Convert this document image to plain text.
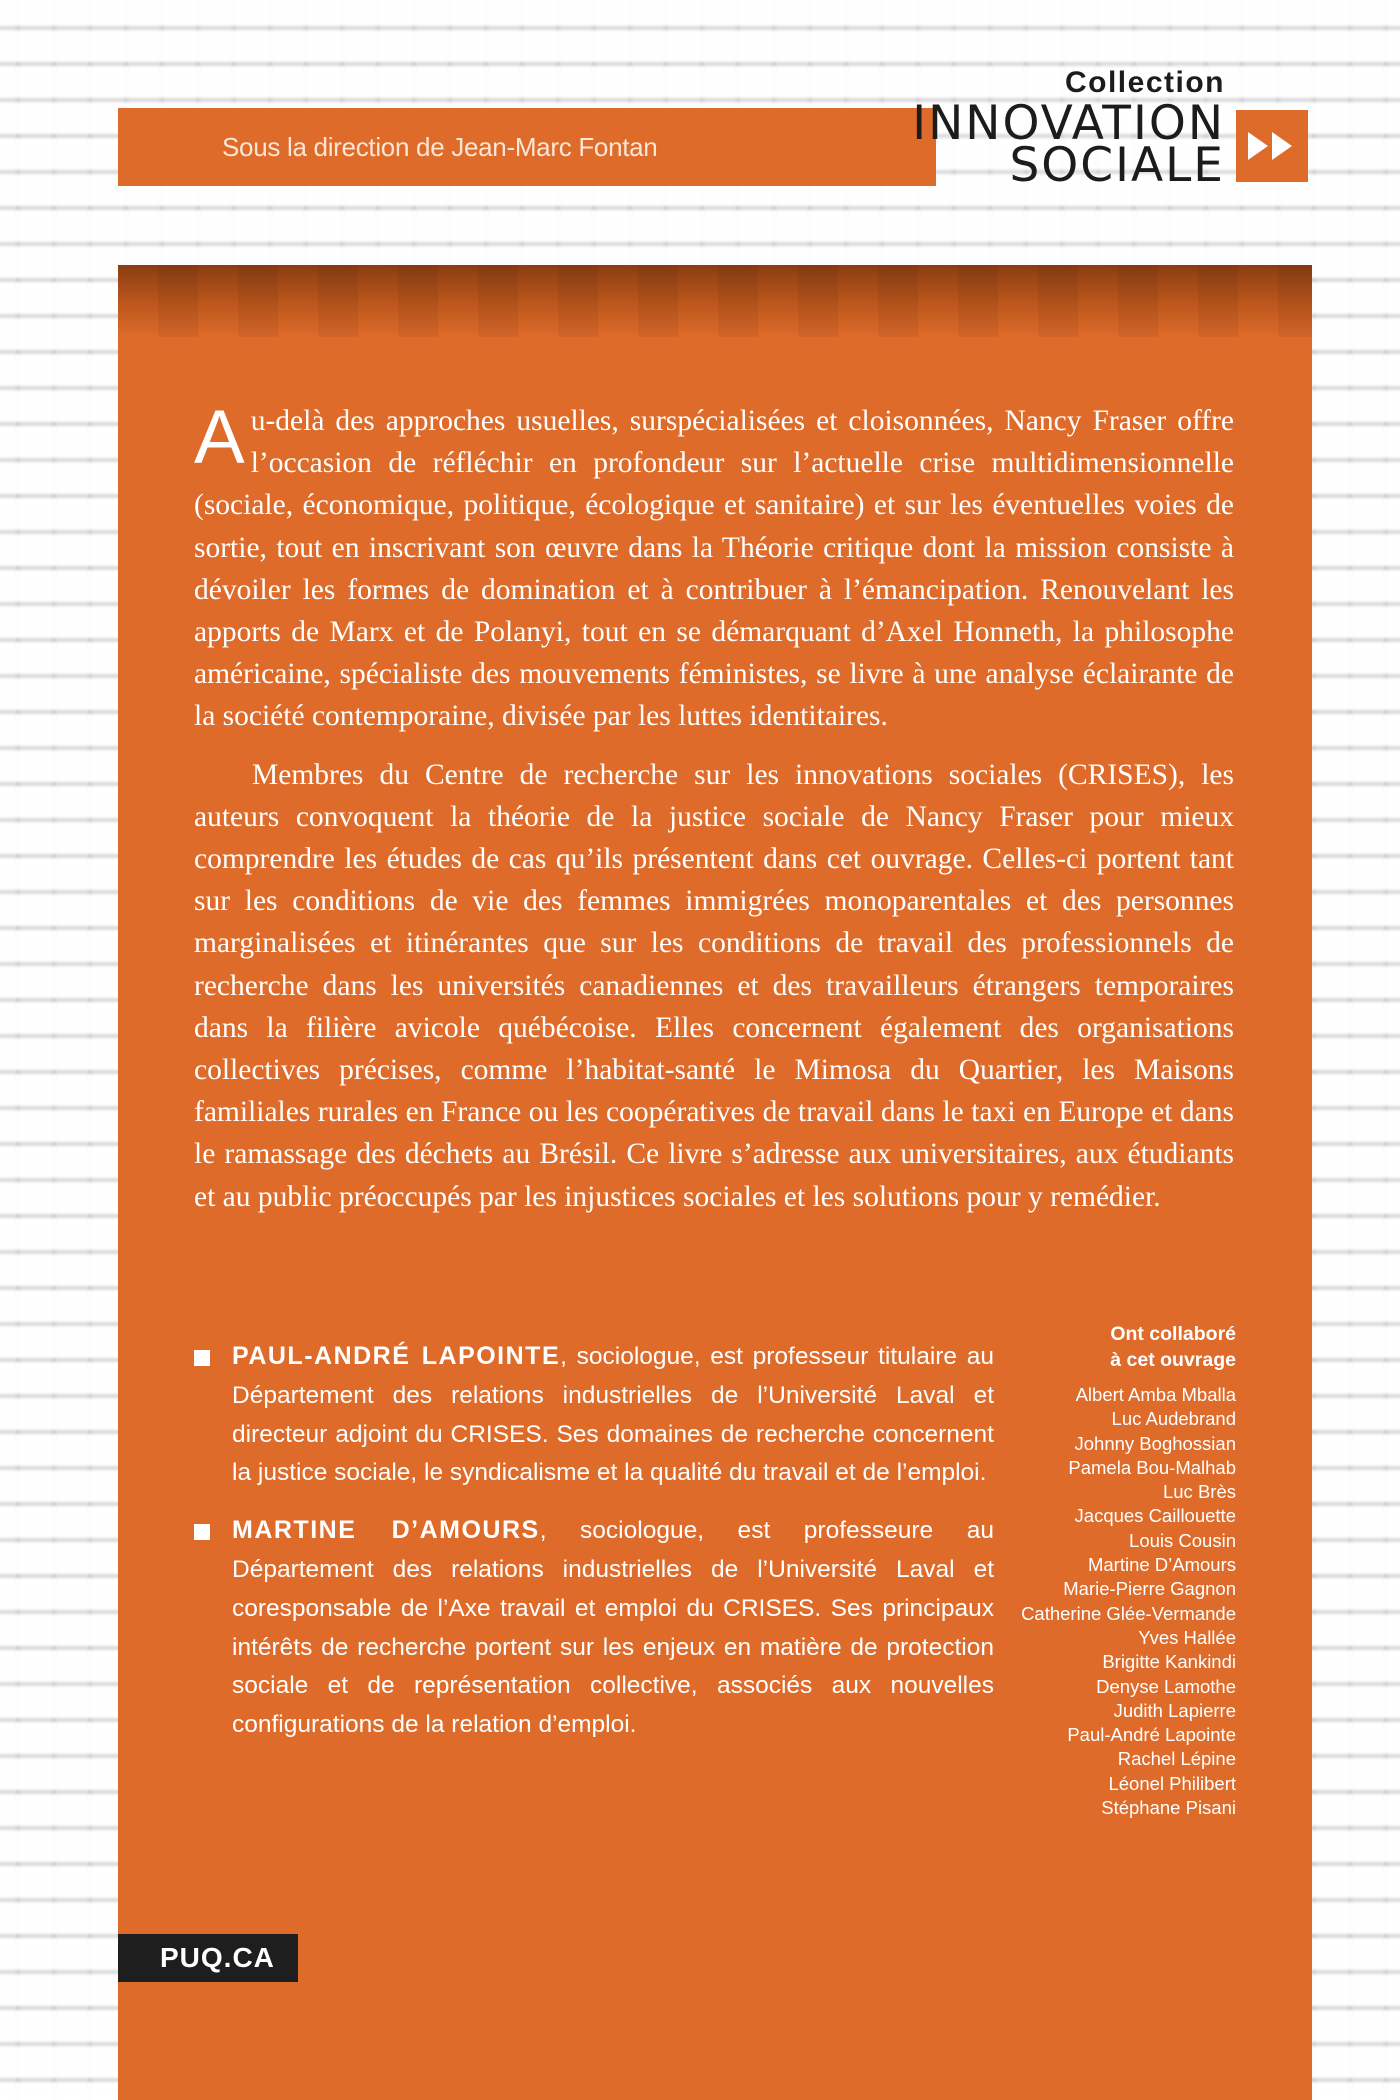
Sous la direction de Jean-Marc Fontan
Collection
INNOVATION
SOCIALE

Au-delà des approches usuelles, surspécialisées et cloisonnées, Nancy Fraser offre l’occasion de réfléchir en profondeur sur l’actuelle crise multidimensionnelle (sociale, économique, politique, écologique et sanitaire) et sur les éventuelles voies de sortie, tout en inscrivant son œuvre dans la Théorie critique dont la mission consiste à dévoiler les formes de domination et à contribuer à l’émancipation. Renouvelant les apports de Marx et de Polanyi, tout en se démarquant d’Axel Honneth, la philosophe américaine, spécialiste des mouvements féministes, se livre à une analyse éclairante de la société contemporaine, divisée par les luttes identitaires.

Membres du Centre de recherche sur les innovations sociales (CRISES), les auteurs convoquent la théorie de la justice sociale de Nancy Fraser pour mieux comprendre les études de cas qu’ils présentent dans cet ouvrage. Celles-ci portent tant sur les conditions de vie des femmes immigrées monoparentales et des personnes marginalisées et itinérantes que sur les conditions de travail des professionnels de recherche dans les universités canadiennes et des travailleurs étrangers temporaires dans la filière avicole québécoise. Elles concernent également des organisations collectives précises, comme l’habitat-santé le Mimosa du Quartier, les Maisons familiales rurales en France ou les coopératives de travail dans le taxi en Europe et dans le ramassage des déchets au Brésil. Ce livre s’adresse aux universitaires, aux étudiants et au public préoccupés par les injustices sociales et les solutions pour y remédier.

PAUL-ANDRÉ LAPOINTE, sociologue, est professeur titulaire au Département des relations industrielles de l’Université Laval et directeur adjoint du CRISES. Ses domaines de recherche concernent la justice sociale, le syndicalisme et la qualité du travail et de l’emploi.
MARTINE D’AMOURS, sociologue, est professeure au Département des relations industrielles de l’Université Laval et coresponsable de l’Axe travail et emploi du CRISES. Ses principaux intérêts de recherche portent sur les enjeux en matière de protection sociale et de représentation collective, associés aux nouvelles configurations de la relation d’emploi.
Ont collaboré
à cet ouvrage
Albert Amba Mballa
Luc Audebrand
Johnny Boghossian
Pamela Bou-Malhab
Luc Brès
Jacques Caillouette
Louis Cousin
Martine D’Amours
Marie-Pierre Gagnon
Catherine Glée-Vermande
Yves Hallée
Brigitte Kankindi
Denyse Lamothe
Judith Lapierre
Paul-André Lapointe
Rachel Lépine
Léonel Philibert
Stéphane Pisani
PUQ.CA
